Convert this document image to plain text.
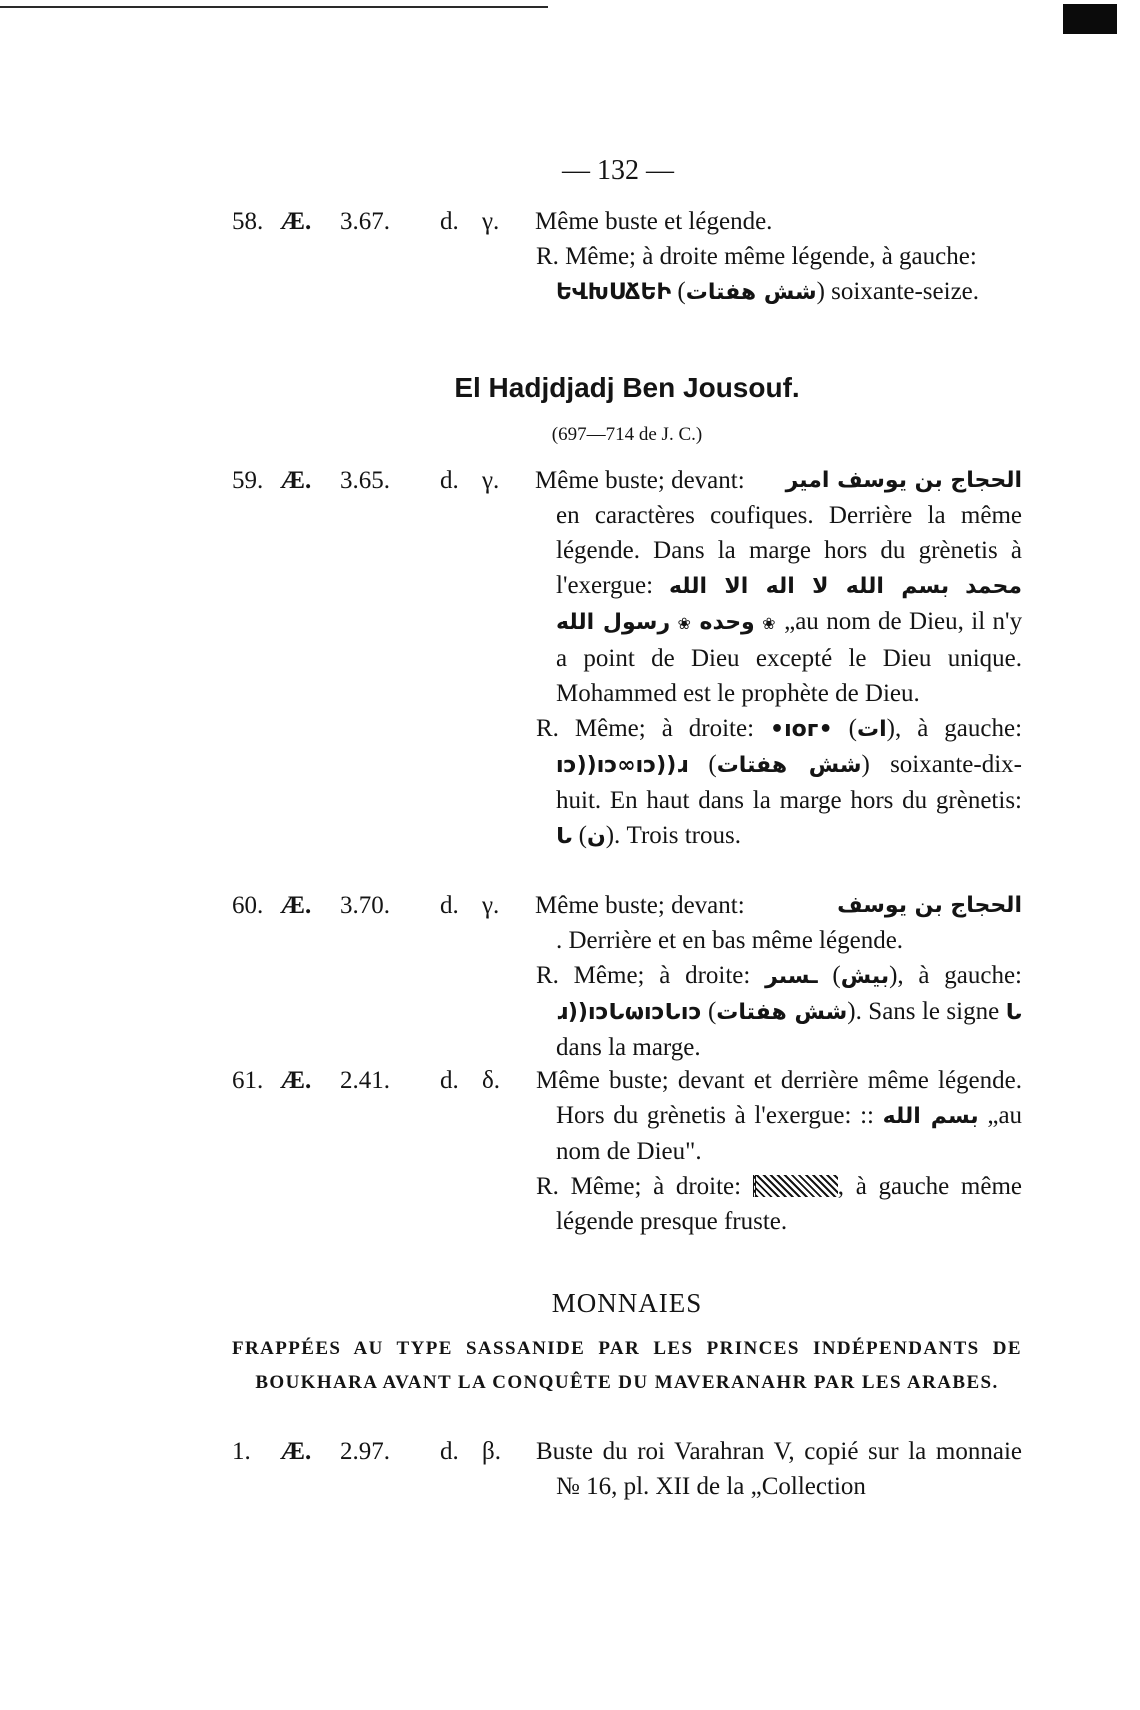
— 132 —
58. Æ. 3.67. d. γ. Même buste et légende.

R. Même; à droite même légende, à gauche:
ԵՎԽՍՃԵԻ (شش هفتات) soixante-seize.

El Hadjdjadj Ben Jousouf.
(697—714 de J. C.)
59. Æ. 3.65. d. γ. Même buste; devant: الحجاج بن يوسف امير

en caractères coufiques. Derrière la même légende. Dans la marge hors du grènetis à l'exergue: بسم الله لا اله الا الله محمد رسول الله ❀ وحده ❀ „au nom de Dieu, il n'y a point de Dieu excepté le Dieu unique. Mohammed est le prophète de Dieu.

R. Même; à droite: •ıoᴦ• (ات), à gauche: ıɔ))ıɔ∞ıɔ))ɹ (شش هفتات) soixante-dix-huit. En haut dans la marge hors du grènetis: ᒐ (ن). Trois trous.

60. Æ. 3.70. d. γ. Même buste; devant:	الحجاج بن يوسف

. Derrière et en bas même légende.

R. Même; à droite: ـسىر (بيش), à gauche: ɹ))ıɔᒐωıɔᒐıɔ (شش هفتات). Sans le signe ᒐ dans la marge.

61. Æ. 2.41. d. δ. Même buste; devant et derrière même légende. Hors du grènetis à l'exergue: :: بسم الله „au nom de Dieu".

R. Même; à droite:	, à gauche même légende presque fruste.

MONNAIES
FRAPPÉES AU TYPE SASSANIDE PAR LES PRINCES INDÉPENDANTS DE BOUKHARA AVANT LA CONQUÊTE DU MAVERANAHR PAR LES ARABES.
1. Æ. 2.97. d. β. Buste du roi Varahran V, copié sur la monnaie № 16, pl. XII de la „Collection
